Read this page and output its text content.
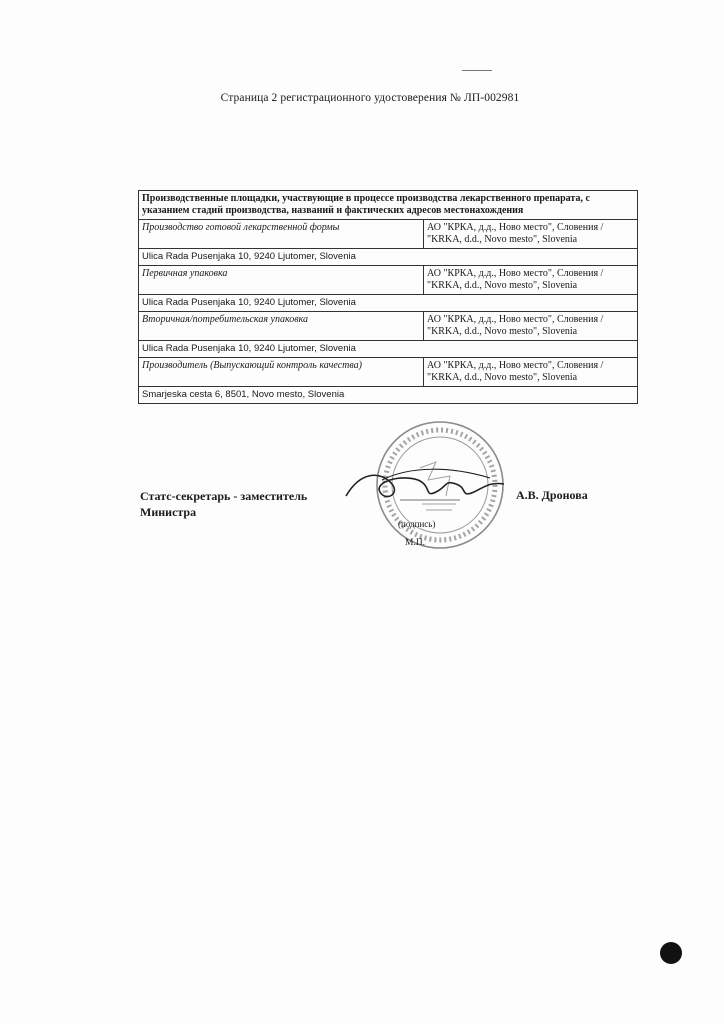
Страница 2 регистрационного удостоверения № ЛП-002981
Производственные площадки, участвующие в процессе производства лекарственного препарата, с указанием стадий производства, названий и фактических адресов местонахождения	
Производство готовой лекарственной формы	АО "КРКА, д.д., Ново место", Словения / "KRKA, d.d., Novo mesto", Slovenia
Ulica Rada Pusenjaka 10, 9240 Ljutomer, Slovenia	
Первичная упаковка	АО "КРКА, д.д., Ново место", Словения / "KRKA, d.d., Novo mesto", Slovenia
Ulica Rada Pusenjaka 10, 9240 Ljutomer, Slovenia	
Вторичная/потребительская упаковка	АО "КРКА, д.д., Ново место", Словения / "KRKA, d.d., Novo mesto", Slovenia
Ulica Rada Pusenjaka 10, 9240 Ljutomer, Slovenia	
Производитель (Выпускающий контроль качества)	АО "КРКА, д.д., Ново место", Словения / "KRKA, d.d., Novo mesto", Slovenia
Smarjeska cesta 6, 8501, Novo mesto, Slovenia	
Статс-секретарь - заместитель Министра
А.В. Дронова
(подпись)
М.П.
